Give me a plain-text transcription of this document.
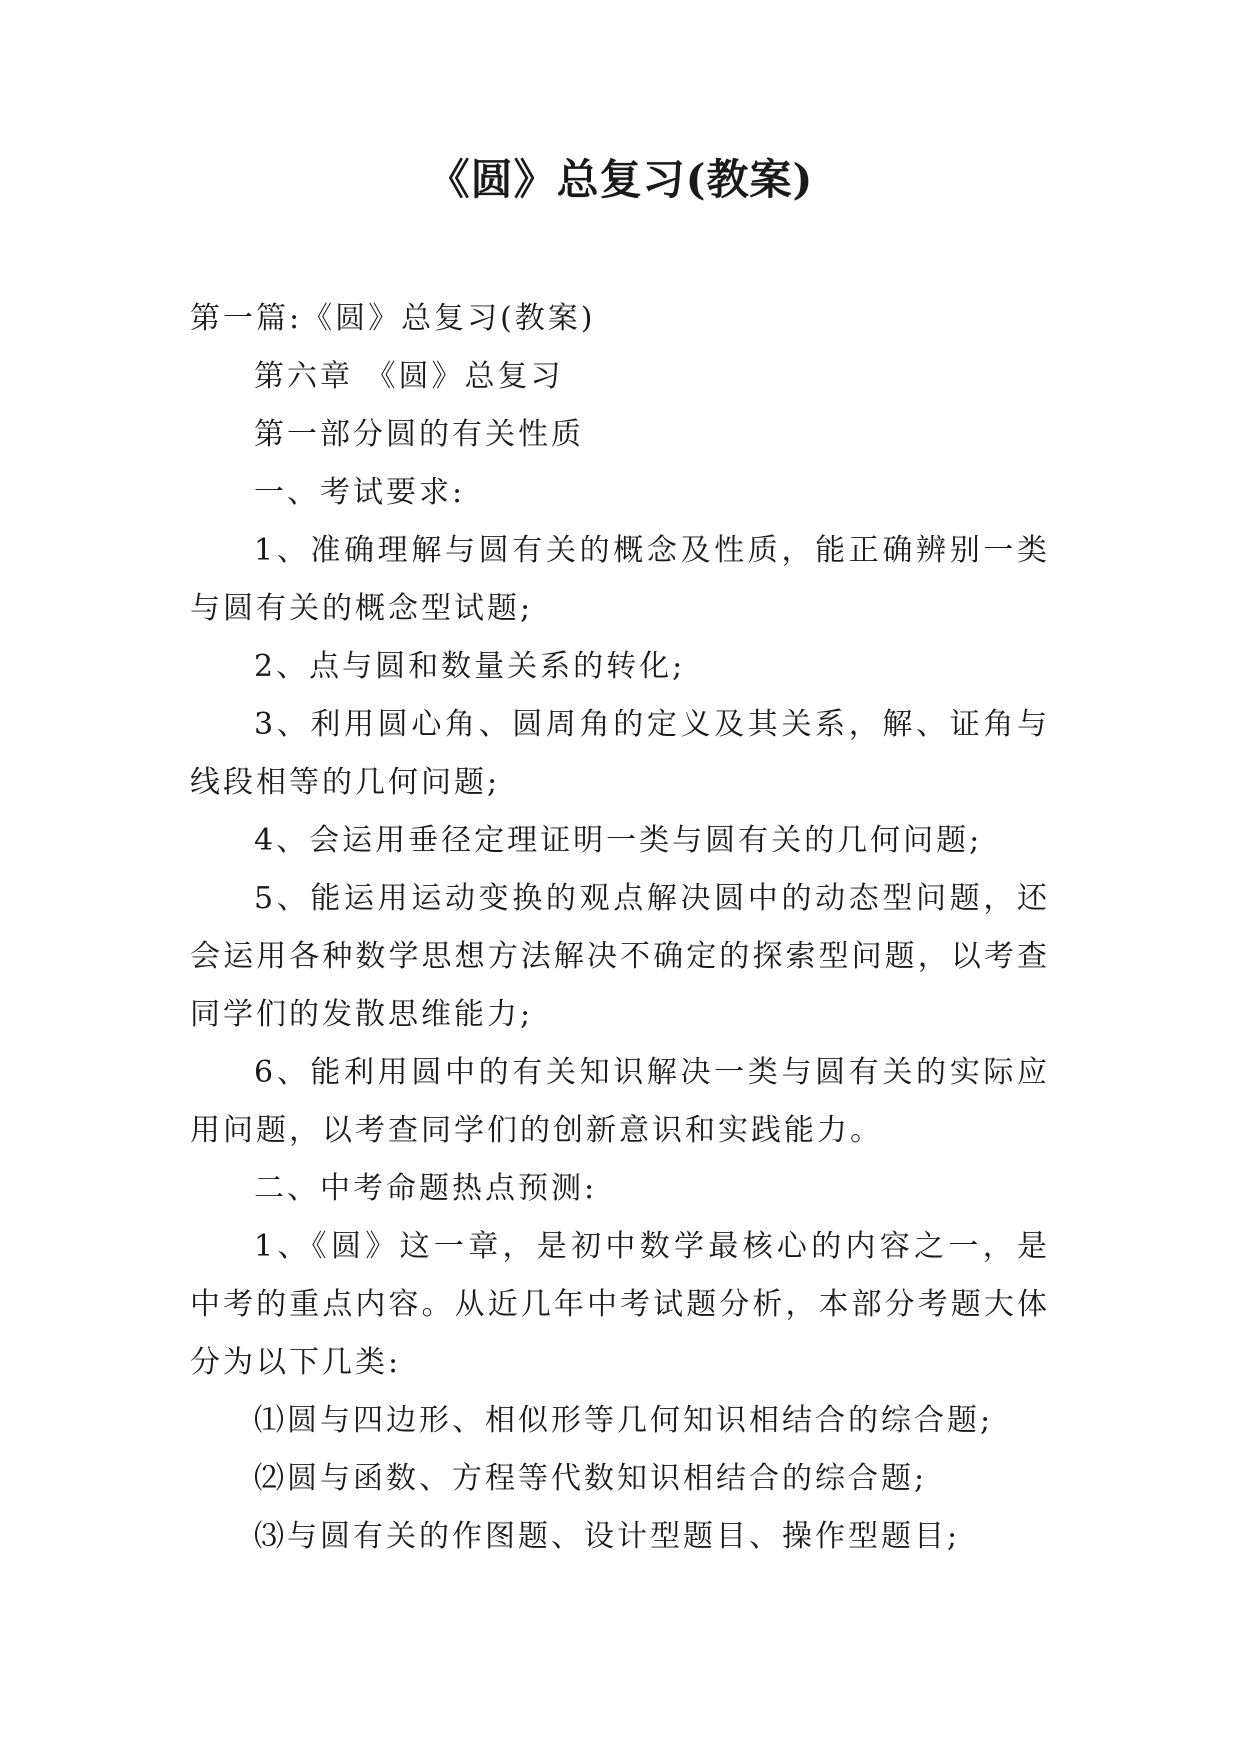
《圆》总复习(教案)

第一篇:《圆》总复习(教案)

第六章 《圆》总复习

第一部分圆的有关性质

一、考试要求:

1、准确理解与圆有关的概念及性质，能正确辨别一类与圆有关的概念型试题;

2、点与圆和数量关系的转化;

3、利用圆心角、圆周角的定义及其关系，解、证角与线段相等的几何问题;

4、会运用垂径定理证明一类与圆有关的几何问题;

5、能运用运动变换的观点解决圆中的动态型问题，还会运用各种数学思想方法解决不确定的探索型问题，以考查同学们的发散思维能力;

6、能利用圆中的有关知识解决一类与圆有关的实际应用问题，以考查同学们的创新意识和实践能力。

二、中考命题热点预测:

1、《圆》这一章，是初中数学最核心的内容之一，是中考的重点内容。从近几年中考试题分析，本部分考题大体分为以下几类:

⑴圆与四边形、相似形等几何知识相结合的综合题;

⑵圆与函数、方程等代数知识相结合的综合题;

⑶与圆有关的作图题、设计型题目、操作型题目;
